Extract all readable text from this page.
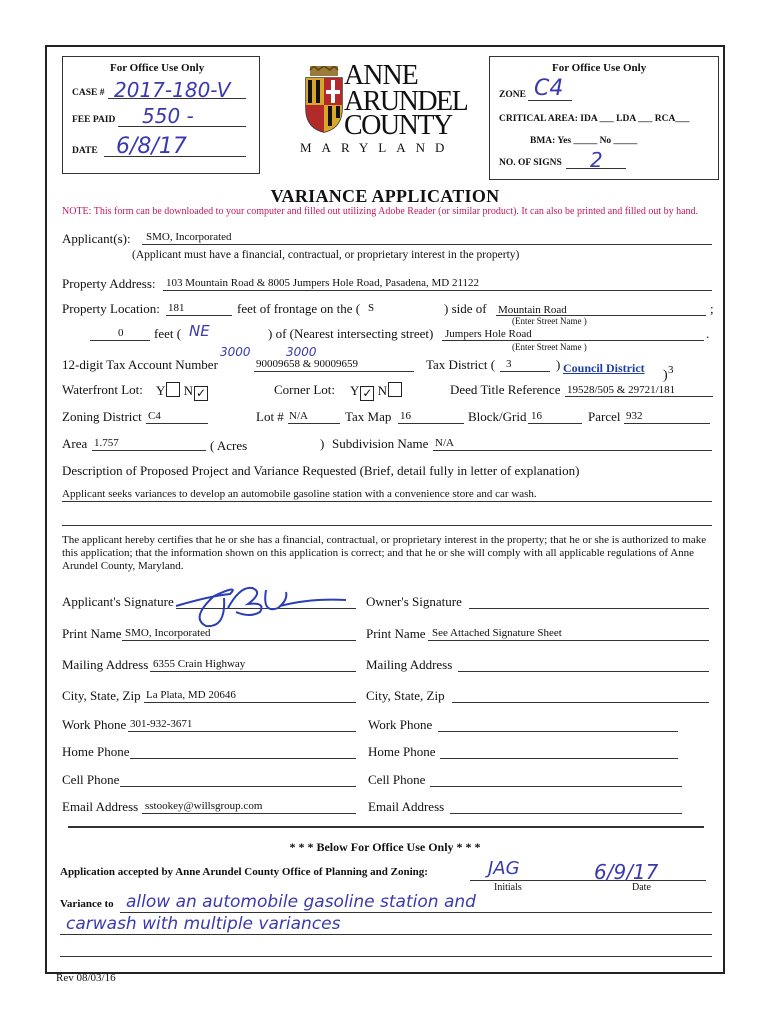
For Office Use Only
CASE # 2017-180-V
FEE PAID 550 -
DATE 6/8/17
ANNE
ARUNDEL
COUNTY
MARYLAND
For Office Use Only
ZONE C4
CRITICAL AREA: IDA ___ LDA ___ RCA___
BMA: Yes _____ No _____
NO. OF SIGNS 2
VARIANCE APPLICATION
NOTE: This form can be downloaded to your computer and filled out utilizing Adobe Reader (or similar product). It can also be printed and filled out by hand.
Applicant(s): SMO, Incorporated
(Applicant must have a financial, contractual, or proprietary interest in the property)
Property Address: 103 Mountain Road & 8005 Jumpers Hole Road, Pasadena, MD 21122
Property Location: 181	feet of frontage on the ( S	) side of Mountain Road
(Enter Street Name )
;
0 feet ( NE	) of (Nearest intersecting street) Jumpers Hole Road
(Enter Street Name )
.
3000	3000
12-digit Tax Account Number	90009658 & 90009659	Tax District ( 3	) Council District 3
Waterfront Lot: Y N ✓	Corner Lot: Y ✓ N	Deed Title Reference 19528/505 & 29721/181
)
Zoning District C4	Lot # N/A	Tax Map 16	Block/Grid 16	Parcel 932
Area 1.757	( Acres	) Subdivision Name N/A
Description of Proposed Project and Variance Requested (Brief, detail fully in letter of explanation)
Applicant seeks variances to develop an automobile gasoline station with a convenience store and car wash.
The applicant hereby certifies that he or she has a financial, contractual, or proprietary interest in the property; that he or she is authorized to make this application; that the information shown on this application is correct; and that he or she will comply with all applicable regulations of Anne Arundel County, Maryland.
Applicant's Signature	Owner's Signature
Print Name SMO, Incorporated	Print Name See Attached Signature Sheet
Mailing Address 6355 Crain Highway	Mailing Address
City, State, Zip La Plata, MD 20646	City, State, Zip
Work Phone 301-932-3671	Work Phone
Home Phone	Home Phone
Cell Phone	Cell Phone
Email Address sstookey@willsgroup.com	Email Address
* * * Below For Office Use Only * * *
Application accepted by Anne Arundel County Office of Planning and Zoning:	JAG
Initials
6/9/17
Date
Variance to allow an automobile gasoline station and
carwash with multiple variances
Rev 08/03/16
